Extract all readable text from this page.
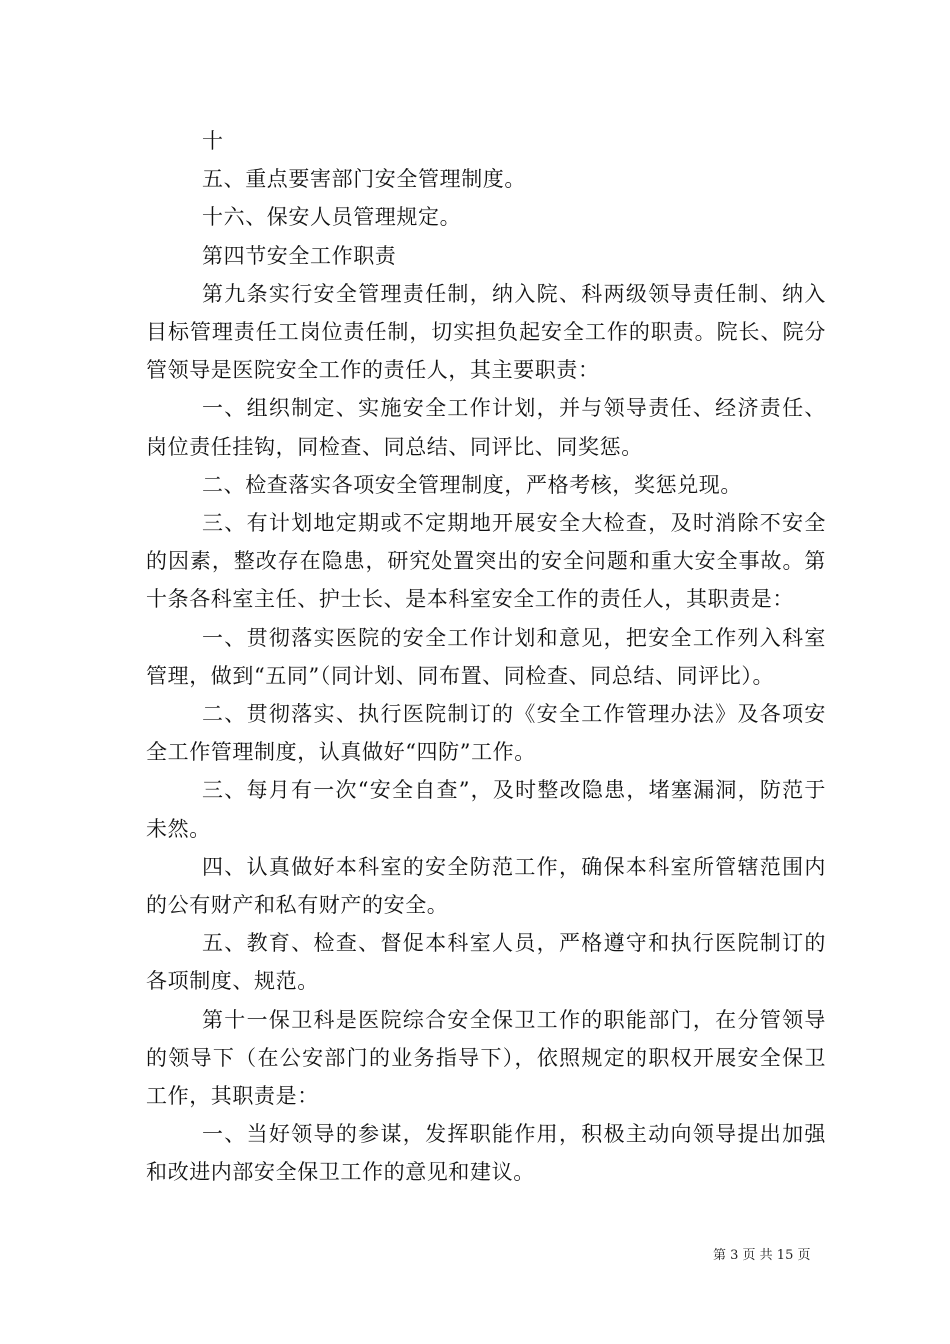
十

五、重点要害部门安全管理制度。

十六、保安人员管理规定。

第四节安全工作职责

第九条实行安全管理责任制，纳入院、科两级领导责任制、纳入目标管理责任工岗位责任制，切实担负起安全工作的职责。院长、院分管领导是医院安全工作的责任人，其主要职责：

一、组织制定、实施安全工作计划，并与领导责任、经济责任、岗位责任挂钩，同检查、同总结、同评比、同奖惩。

二、检查落实各项安全管理制度，严格考核，奖惩兑现。

三、有计划地定期或不定期地开展安全大检查，及时消除不安全的因素，整改存在隐患，研究处置突出的安全问题和重大安全事故。第十条各科室主任、护士长、是本科室安全工作的责任人，其职责是：

一、贯彻落实医院的安全工作计划和意见，把安全工作列入科室管理，做到“五同”（同计划、同布置、同检查、同总结、同评比）。

二、贯彻落实、执行医院制订的《安全工作管理办法》及各项安全工作管理制度，认真做好“四防”工作。

三、每月有一次“安全自查”，及时整改隐患，堵塞漏洞，防范于未然。

四、认真做好本科室的安全防范工作，确保本科室所管辖范围内的公有财产和私有财产的安全。

五、教育、检查、督促本科室人员，严格遵守和执行医院制订的各项制度、规范。

第十一保卫科是医院综合安全保卫工作的职能部门，在分管领导的领导下（在公安部门的业务指导下），依照规定的职权开展安全保卫工作，其职责是：

一、当好领导的参谋，发挥职能作用，积极主动向领导提出加强和改进内部安全保卫工作的意见和建议。

第 3 页 共 15 页
